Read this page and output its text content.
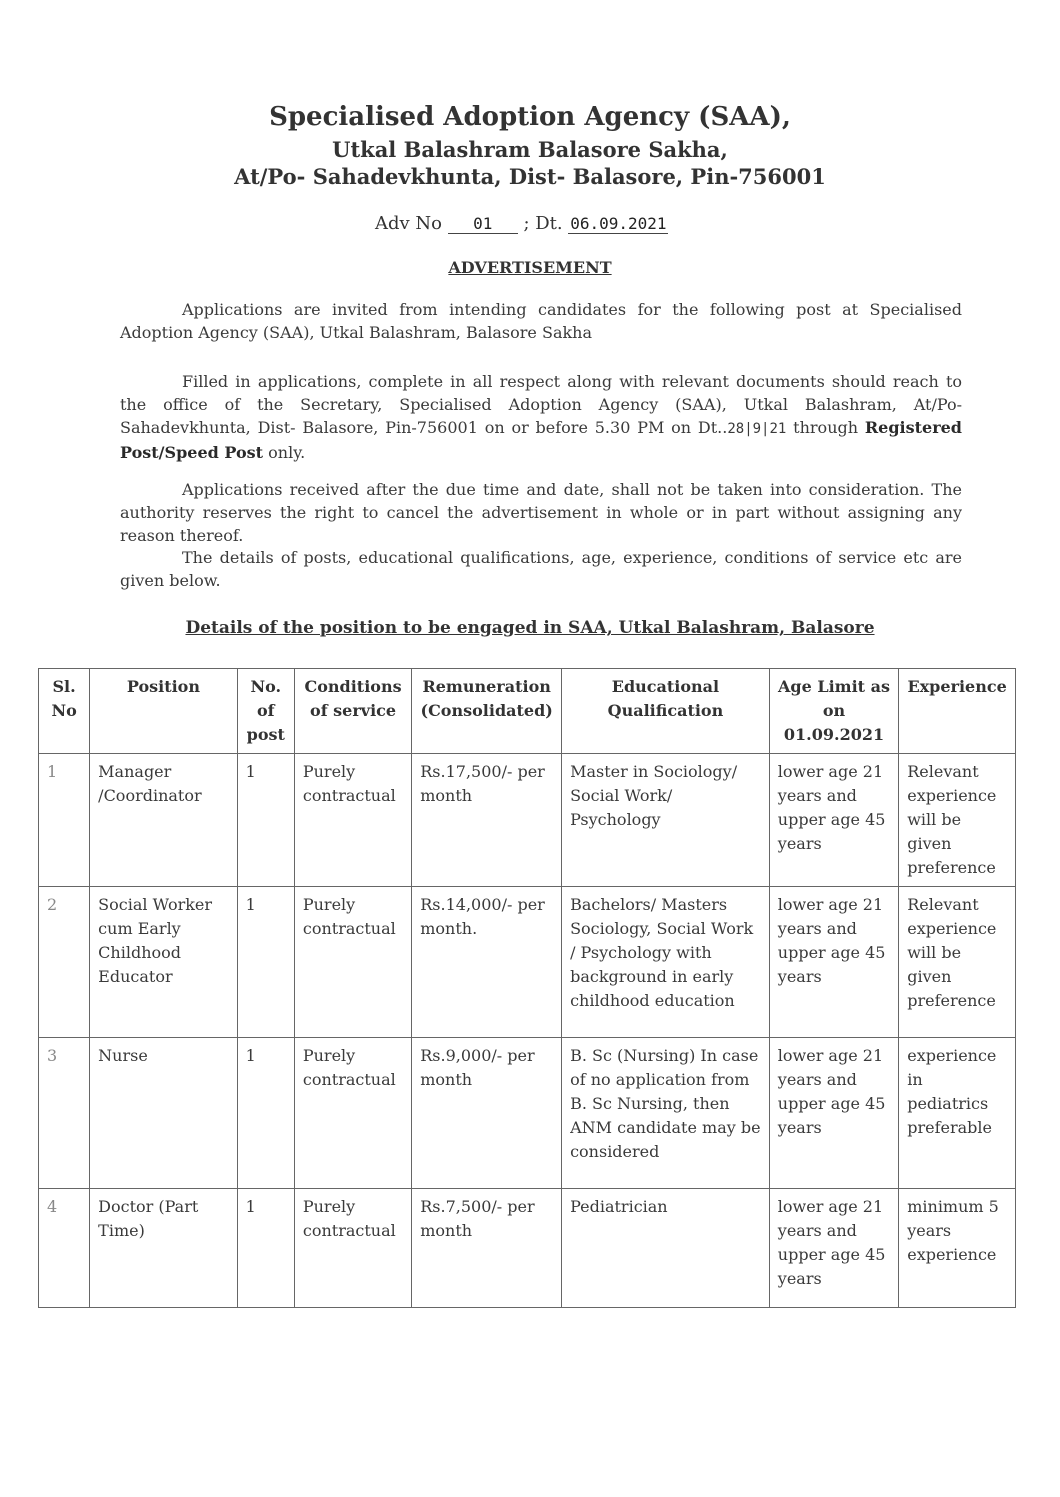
Specialised Adoption Agency (SAA),
Utkal Balashram Balasore Sakha,
At/Po- Sahadevkhunta, Dist- Balasore, Pin-756001
Adv No 01 ; Dt. 06.09.2021
ADVERTISEMENT
Applications are invited from intending candidates for the following post at Specialised Adoption Agency (SAA), Utkal Balashram, Balasore Sakha
Filled in applications, complete in all respect along with relevant documents should reach to the office of the Secretary, Specialised Adoption Agency (SAA), Utkal Balashram, At/Po- Sahadevkhunta, Dist- Balasore, Pin-756001 on or before 5.30 PM on Dt..28|9|21 through Registered Post/Speed Post only.
Applications received after the due time and date, shall not be taken into consideration. The authority reserves the right to cancel the advertisement in whole or in part without assigning any reason thereof.
The details of posts, educational qualifications, age, experience, conditions of service etc are given below.
Details of the position to be engaged in SAA, Utkal Balashram, Balasore
Sl. No	Position	No. of post	Conditions of service	Remuneration (Consolidated)	Educational Qualification	Age Limit as on 01.09.2021	Experience
1	Manager /Coordinator	1	Purely contractual	Rs.17,500/- per month	Master in Sociology/ Social Work/ Psychology	lower age 21 years and upper age 45 years	Relevant experience will be given preference
2	Social Worker cum Early Childhood Educator	1	Purely contractual	Rs.14,000/- per month.	Bachelors/ Masters Sociology, Social Work / Psychology with background in early childhood education	lower age 21 years and upper age 45 years	Relevant experience will be given preference
3	Nurse	1	Purely contractual	Rs.9,000/- per month	B. Sc (Nursing) In case of no application from B. Sc Nursing, then ANM candidate may be considered	lower age 21 years and upper age 45 years	experience in pediatrics preferable
4	Doctor (Part Time)	1	Purely contractual	Rs.7,500/- per month	Pediatrician	lower age 21 years and upper age 45 years	minimum 5 years experience
